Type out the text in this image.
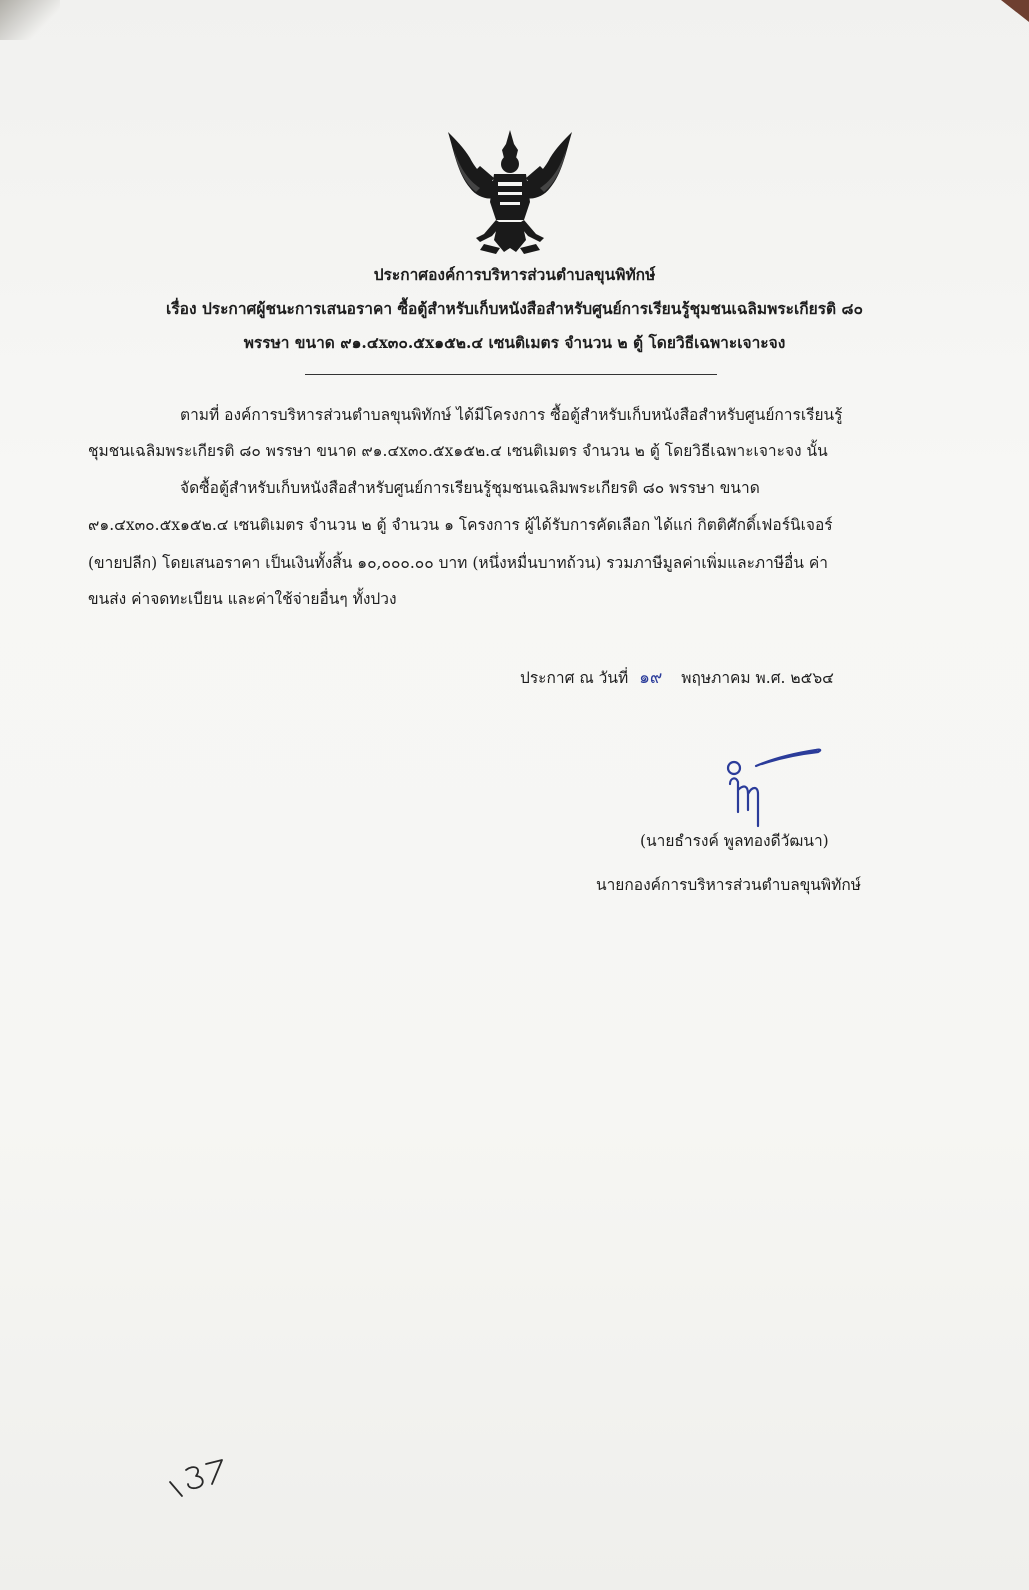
ประกาศองค์การบริหารส่วนตำบลขุนพิทักษ์
เรื่อง ประกาศผู้ชนะการเสนอราคา ซื้อตู้สำหรับเก็บหนังสือสำหรับศูนย์การเรียนรู้ชุมชนเฉลิมพระเกียรติ ๘๐
พรรษา ขนาด ๙๑.๔x๓๐.๕x๑๕๒.๔ เซนติเมตร จำนวน ๒ ตู้ โดยวิธีเฉพาะเจาะจง
ตามที่ องค์การบริหารส่วนตำบลขุนพิทักษ์ ได้มีโครงการ ซื้อตู้สำหรับเก็บหนังสือสำหรับศูนย์การเรียนรู้
ชุมชนเฉลิมพระเกียรติ ๘๐ พรรษา ขนาด ๙๑.๔x๓๐.๕x๑๕๒.๔ เซนติเมตร จำนวน ๒ ตู้ โดยวิธีเฉพาะเจาะจง นั้น
จัดซื้อตู้สำหรับเก็บหนังสือสำหรับศูนย์การเรียนรู้ชุมชนเฉลิมพระเกียรติ ๘๐ พรรษา ขนาด
๙๑.๔x๓๐.๕x๑๕๒.๔ เซนติเมตร จำนวน ๒ ตู้ จำนวน ๑ โครงการ ผู้ได้รับการคัดเลือก ได้แก่ กิตติศักดิ์เฟอร์นิเจอร์
(ขายปลีก) โดยเสนอราคา เป็นเงินทั้งสิ้น ๑๐,๐๐๐.๐๐ บาท (หนึ่งหมื่นบาทถ้วน) รวมภาษีมูลค่าเพิ่มและภาษีอื่น ค่า
ขนส่ง ค่าจดทะเบียน และค่าใช้จ่ายอื่นๆ ทั้งปวง
ประกาศ ณ วันที่ ๑๙ พฤษภาคม พ.ศ. ๒๕๖๔
(นายธำรงค์ พูลทองดีวัฒนา)
นายกองค์การบริหารส่วนตำบลขุนพิทักษ์
